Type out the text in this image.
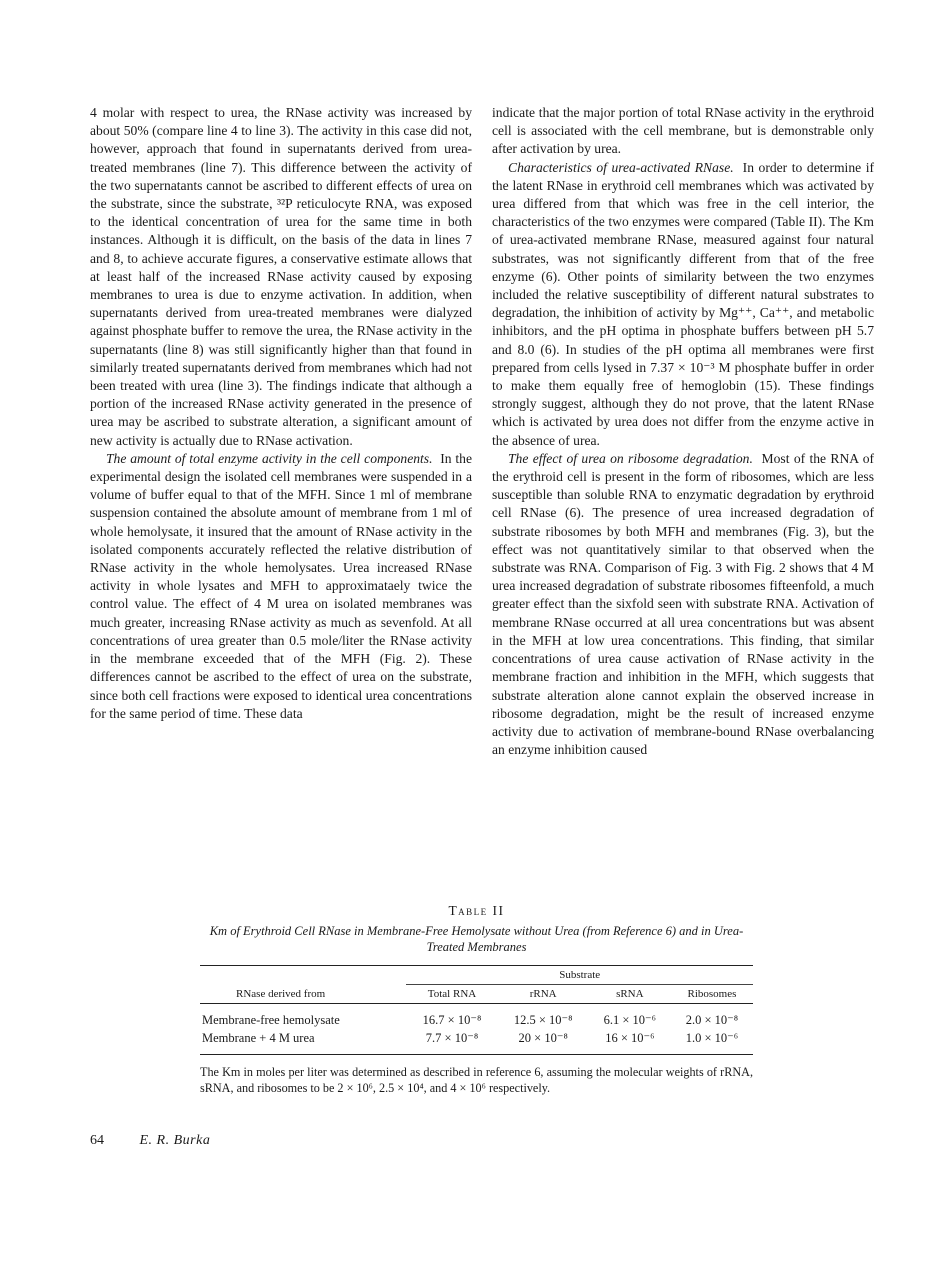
4 molar with respect to urea, the RNase activity was increased by about 50% (compare line 4 to line 3). The activity in this case did not, however, approach that found in supernatants derived from urea-treated membranes (line 7). This difference between the activity of the two supernatants cannot be ascribed to different effects of urea on the substrate, since the substrate, ³²P reticulocyte RNA, was exposed to the identical concentration of urea for the same time in both instances. Although it is difficult, on the basis of the data in lines 7 and 8, to achieve accurate figures, a conservative estimate allows that at least half of the increased RNase activity caused by exposing membranes to urea is due to enzyme activation. In addition, when supernatants derived from urea-treated membranes were dialyzed against phosphate buffer to remove the urea, the RNase activity in the supernatants (line 8) was still significantly higher than that found in similarly treated supernatants derived from membranes which had not been treated with urea (line 3). The findings indicate that although a portion of the increased RNase activity generated in the presence of urea may be ascribed to substrate alteration, a significant amount of new activity is actually due to RNase activation.

The amount of total enzyme activity in the cell components. In the experimental design the isolated cell membranes were suspended in a volume of buffer equal to that of the MFH. Since 1 ml of membrane suspension contained the absolute amount of membrane from 1 ml of whole hemolysate, it insured that the amount of RNase activity in the isolated components accurately reflected the relative distribution of RNase activity in the whole hemolysates. Urea increased RNase activity in whole lysates and MFH to approximataely twice the control value. The effect of 4 M urea on isolated membranes was much greater, increasing RNase activity as much as sevenfold. At all concentrations of urea greater than 0.5 mole/liter the RNase activity in the membrane exceeded that of the MFH (Fig. 2). These differences cannot be ascribed to the effect of urea on the substrate, since both cell fractions were exposed to identical urea concentrations for the same period of time. These data

indicate that the major portion of total RNase activity in the erythroid cell is associated with the cell membrane, but is demonstrable only after activation by urea.

Characteristics of urea-activated RNase. In order to determine if the latent RNase in erythroid cell membranes which was activated by urea differed from that which was free in the cell interior, the characteristics of the two enzymes were compared (Table II). The Km of urea-activated membrane RNase, measured against four natural substrates, was not significantly different from that of the free enzyme (6). Other points of similarity between the two enzymes included the relative susceptibility of different natural substrates to degradation, the inhibition of activity by Mg⁺⁺, Ca⁺⁺, and metabolic inhibitors, and the pH optima in phosphate buffers between pH 5.7 and 8.0 (6). In studies of the pH optima all membranes were first prepared from cells lysed in 7.37 × 10⁻³ M phosphate buffer in order to make them equally free of hemoglobin (15). These findings strongly suggest, although they do not prove, that the latent RNase which is activated by urea does not differ from the enzyme active in the absence of urea.

The effect of urea on ribosome degradation. Most of the RNA of the erythroid cell is present in the form of ribosomes, which are less susceptible than soluble RNA to enzymatic degradation by erythroid cell RNase (6). The presence of urea increased degradation of substrate ribosomes by both MFH and membranes (Fig. 3), but the effect was not quantitatively similar to that observed when the substrate was RNA. Comparison of Fig. 3 with Fig. 2 shows that 4 M urea increased degradation of substrate ribosomes fifteenfold, a much greater effect than the sixfold seen with substrate RNA. Activation of membrane RNase occurred at all urea concentrations but was absent in the MFH at low urea concentrations. This finding, that similar concentrations of urea cause activation of RNase activity in the membrane fraction and inhibition in the MFH, which suggests that substrate alteration alone cannot explain the observed increase in ribosome degradation, might be the result of increased enzyme activity due to activation of membrane-bound RNase overbalancing an enzyme inhibition caused

Table II
Km of Erythroid Cell RNase in Membrane-Free Hemolysate without Urea (from Reference 6) and in Urea-Treated Membranes
RNase derived from	Substrate			
	Total RNA	rRNA	sRNA	Ribosomes
Membrane-free hemolysate	16.7 × 10⁻⁸	12.5 × 10⁻⁸	6.1 × 10⁻⁶	2.0 × 10⁻⁸
Membrane + 4 M urea	7.7 × 10⁻⁸	20 × 10⁻⁸	16 × 10⁻⁶	1.0 × 10⁻⁶
The Km in moles per liter was determined as described in reference 6, assuming the molecular weights of rRNA, sRNA, and ribosomes to be 2 × 10⁶, 2.5 × 10⁴, and 4 × 10⁶ respectively.
64	E. R. Burka
